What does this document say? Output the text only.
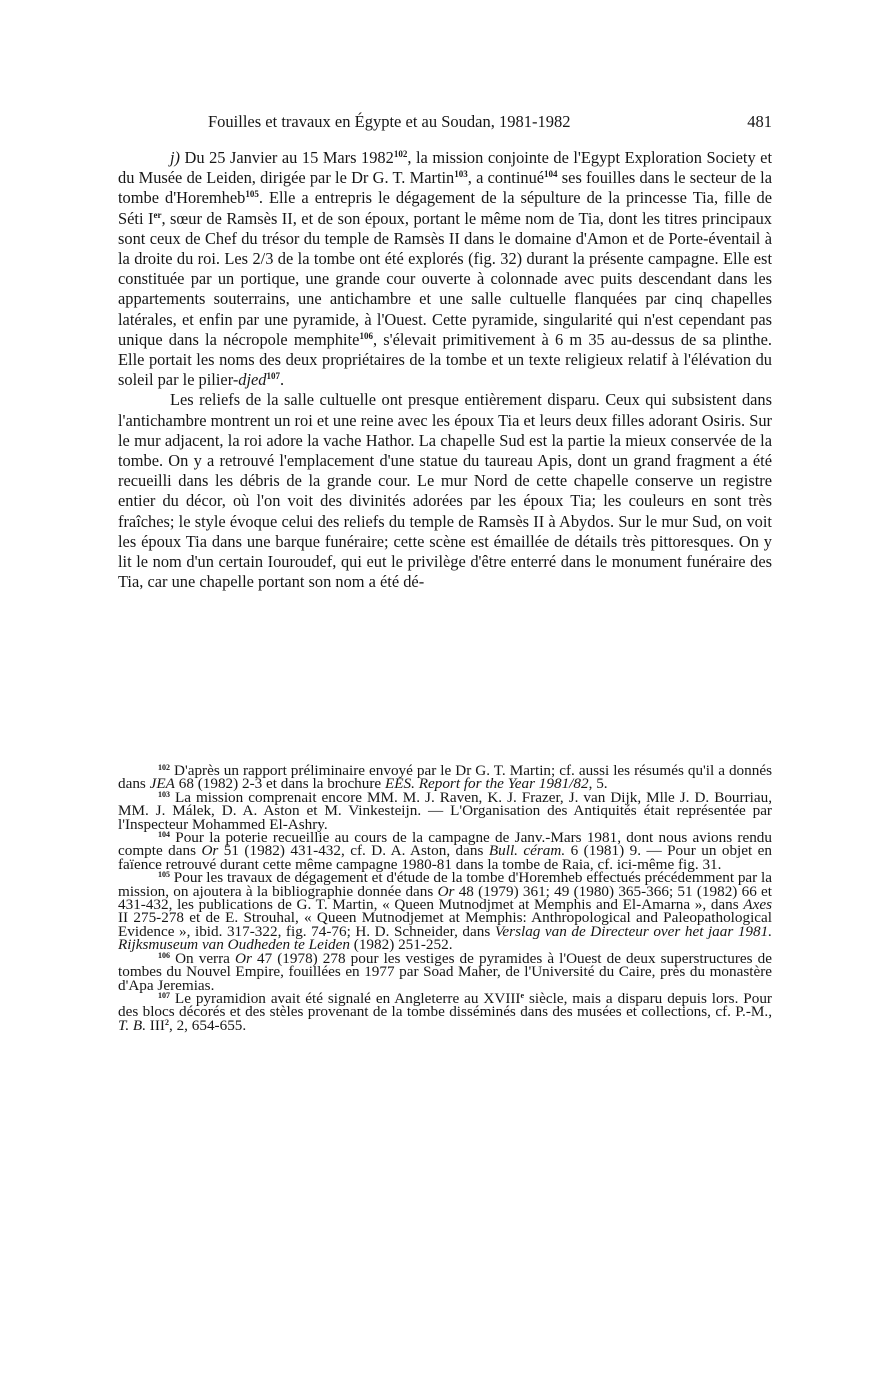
Fouilles et travaux en Égypte et au Soudan, 1981-1982	481

j) Du 25 Janvier au 15 Mars 1982$^{102}$, la mission conjointe de l'Egypt Exploration Society et du Musée de Leiden, dirigée par le Dr G. T. Martin$^{103}$, a continué$^{104}$ ses fouilles dans le secteur de la tombe d'Horemheb$^{105}$. Elle a entrepris le dégagement de la sépulture de la princesse Tia, fille de Séti Ier, sœur de Ramsès II, et de son époux, portant le même nom de Tia, dont les titres principaux sont ceux de Chef du trésor du temple de Ramsès II dans le domaine d'Amon et de Porte-éventail à la droite du roi. Les 2/3 de la tombe ont été explorés (fig. 32) durant la présente campagne. Elle est constituée par un portique, une grande cour ouverte à colonnade avec puits descendant dans les appartements souterrains, une antichambre et une salle cultuelle flanquées par cinq chapelles latérales, et enfin par une pyramide, à l'Ouest. Cette pyramide, singularité qui n'est cependant pas unique dans la nécropole memphite$^{106}$, s'élevait primitivement à 6 m 35 au-dessus de sa plinthe. Elle portait les noms des deux propriétaires de la tombe et un texte religieux relatif à l'élévation du soleil par le pilier-djed$^{107}$.

Les reliefs de la salle cultuelle ont presque entièrement disparu. Ceux qui subsistent dans l'antichambre montrent un roi et une reine avec les époux Tia et leurs deux filles adorant Osiris. Sur le mur adjacent, la roi adore la vache Hathor. La chapelle Sud est la partie la mieux conservée de la tombe. On y a retrouvé l'emplacement d'une statue du taureau Apis, dont un grand fragment a été recueilli dans les débris de la grande cour. Le mur Nord de cette chapelle conserve un registre entier du décor, où l'on voit des divinités adorées par les époux Tia; les couleurs en sont très fraîches; le style évoque celui des reliefs du temple de Ramsès II à Abydos. Sur le mur Sud, on voit les époux Tia dans une barque funéraire; cette scène est émaillée de détails très pittoresques. On y lit le nom d'un certain Iouroudef, qui eut le privilège d'être enterré dans le monument funéraire des Tia, car une chapelle portant son nom a été dé-

$^{102}$ D'après un rapport préliminaire envoyé par le Dr G. T. Martin; cf. aussi les résumés qu'il a donnés dans JEA 68 (1982) 2-3 et dans la brochure EES. Report for the Year 1981/82, 5.

$^{103}$ La mission comprenait encore MM. M. J. Raven, K. J. Frazer, J. van Dijk, Mlle J. D. Bourriau, MM. J. Málek, D. A. Aston et M. Vinkesteijn. — L'Organisation des Antiquités était représentée par l'Inspecteur Mohammed El-Ashry.

$^{104}$ Pour la poterie recueillie au cours de la campagne de Janv.-Mars 1981, dont nous avions rendu compte dans Or 51 (1982) 431-432, cf. D. A. Aston, dans Bull. céram. 6 (1981) 9. — Pour un objet en faïence retrouvé durant cette même campagne 1980-81 dans la tombe de Raia, cf. ici-même fig. 31.

$^{105}$ Pour les travaux de dégagement et d'étude de la tombe d'Horemheb effectués précédemment par la mission, on ajoutera à la bibliographie donnée dans Or 48 (1979) 361; 49 (1980) 365-366; 51 (1982) 66 et 431-432, les publications de G. T. Martin, « Queen Mutnodjmet at Memphis and El-Amarna », dans Axes II 275-278 et de E. Strouhal, « Queen Mutnodjemet at Memphis: Anthropological and Paleopathological Evidence », ibid. 317-322, fig. 74-76; H. D. Schneider, dans Verslag van de Directeur over het jaar 1981. Rijksmuseum van Oudheden te Leiden (1982) 251-252.

$^{106}$ On verra Or 47 (1978) 278 pour les vestiges de pyramides à l'Ouest de deux superstructures de tombes du Nouvel Empire, fouillées en 1977 par Soad Maher, de l'Université du Caire, près du monastère d'Apa Jeremias.

$^{107}$ Le pyramidion avait été signalé en Angleterre au XVIIIe siècle, mais a disparu depuis lors. Pour des blocs décorés et des stèles provenant de la tombe disséminés dans des musées et collections, cf. P.-M., T. B. III$^2$, 2, 654-655.
